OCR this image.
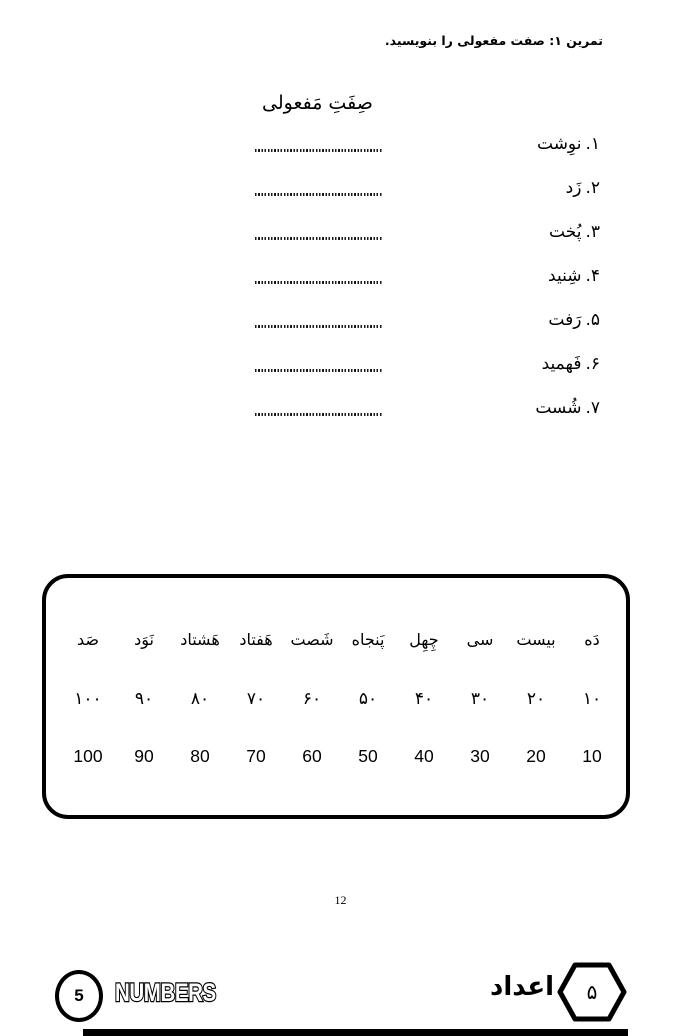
تمرین ۱: صفت مفعولی را بنویسید.
صِفَتِ مَفعولی
۱.
نوِشت
۲.
زَد
۳.
پُخت
۴.
شِنید
۵.
رَفت
۶.
فَهمید
۷.
شُست
5 NUMBERS	۵
اعداد
دَه
بیست
سی
چِهِل
پَنجاه
شَصت
هَفتاد
هَشتاد
نَوَد
صَد
۱۰
۲۰
۳۰
۴۰
۵۰
۶۰
۷۰
۸۰
۹۰
۱۰۰
10
20
30
40
50
60
70
80
90
100
12
